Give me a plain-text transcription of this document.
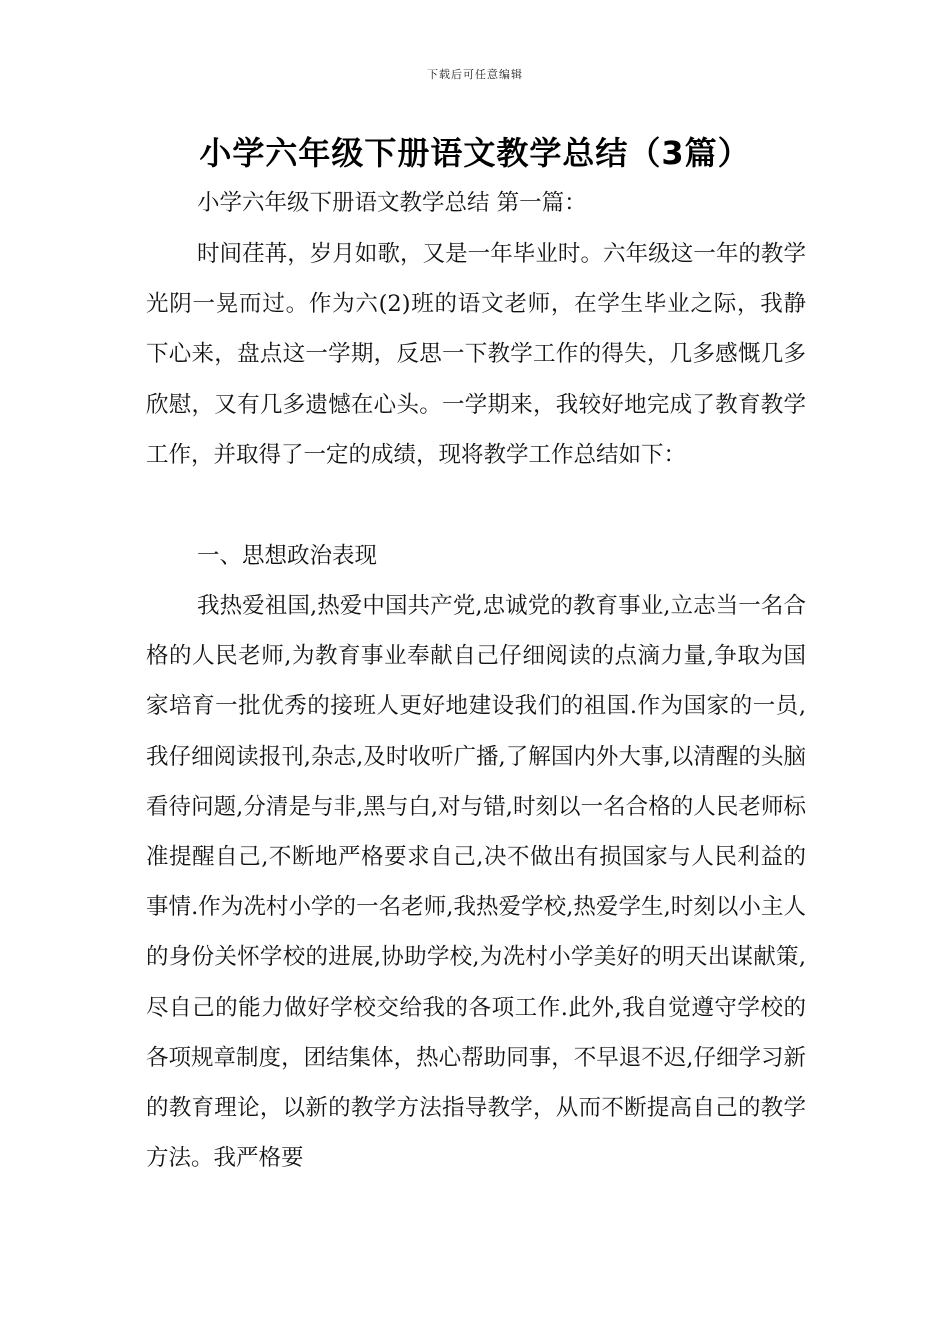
下载后可任意编辑
小学六年级下册语文教学总结（3篇）
小学六年级下册语文教学总结 第一篇：

时间荏苒，岁月如歌，又是一年毕业时。六年级这一年的教学光阴一晃而过。作为六(2)班的语文老师，在学生毕业之际，我静下心来，盘点这一学期，反思一下教学工作的得失，几多感慨几多欣慰，又有几多遗憾在心头。一学期来，我较好地完成了教育教学工作，并取得了一定的成绩，现将教学工作总结如下：

一、思想政治表现

我热爱祖国,热爱中国共产党,忠诚党的教育事业,立志当一名合格的人民老师,为教育事业奉献自己仔细阅读的点滴力量,争取为国家培育一批优秀的接班人更好地建设我们的祖国.作为国家的一员,我仔细阅读报刊,杂志,及时收听广播,了解国内外大事,以清醒的头脑看待问题,分清是与非,黑与白,对与错,时刻以一名合格的人民老师标准提醒自己,不断地严格要求自己,决不做出有损国家与人民利益的事情.作为冼村小学的一名老师,我热爱学校,热爱学生,时刻以小主人的身份关怀学校的进展,协助学校,为冼村小学美好的明天出谋献策,尽自己的能力做好学校交给我的各项工作.此外,我自觉遵守学校的各项规章制度，团结集体，热心帮助同事，不早退不迟,仔细学习新的教育理论，以新的教学方法指导教学，从而不断提高自己的教学方法。我严格要
